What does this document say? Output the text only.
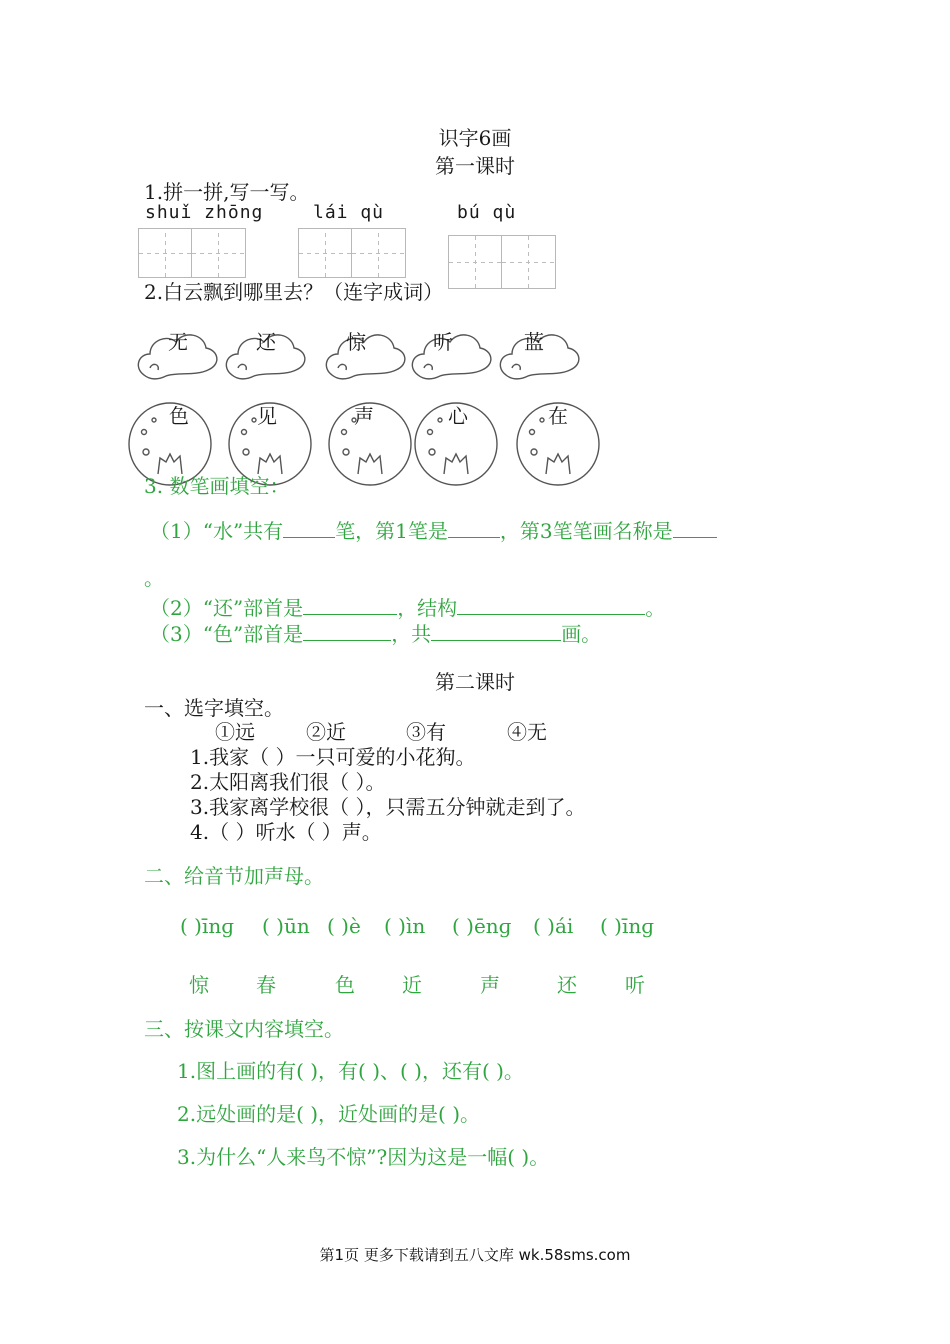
识字6画
第一课时
1.拼一拼,写一写。
shuǐ zhōng	lái qù	bú qù
2.白云飘到哪里去？（连字成词）
无	还	惊	听	蓝
色	见	声	心	在
3. 数笔画填空：
（1）“水”共有	笔，第1笔是	，第3笔笔画名称是
。
（2）“还”部首是	，结构	。
（3）“色”部首是	，共	画。
第二课时
一、选字填空。
①远	②近	③有	④无
1.我家（ ）一只可爱的小花狗。
2.太阳离我们很（ ）。
3.我家离学校很（ ），只需五分钟就走到了。
4.（ ）听水（ ）声。
二、给音节加声母。
( )īnɡ ( )ūn ( )è ( )ìn ( )ēnɡ ( )ái ( )īnɡ
惊 春	色 近	声	还 听
三、按课文内容填空。
1.图上画的有( )，有( )、( )，还有( )。
2.远处画的是( )，近处画的是( )。
3.为什么“人来鸟不惊”?因为这是一幅( )。
第1页 更多下载请到五八文库 wk.58sms.com
